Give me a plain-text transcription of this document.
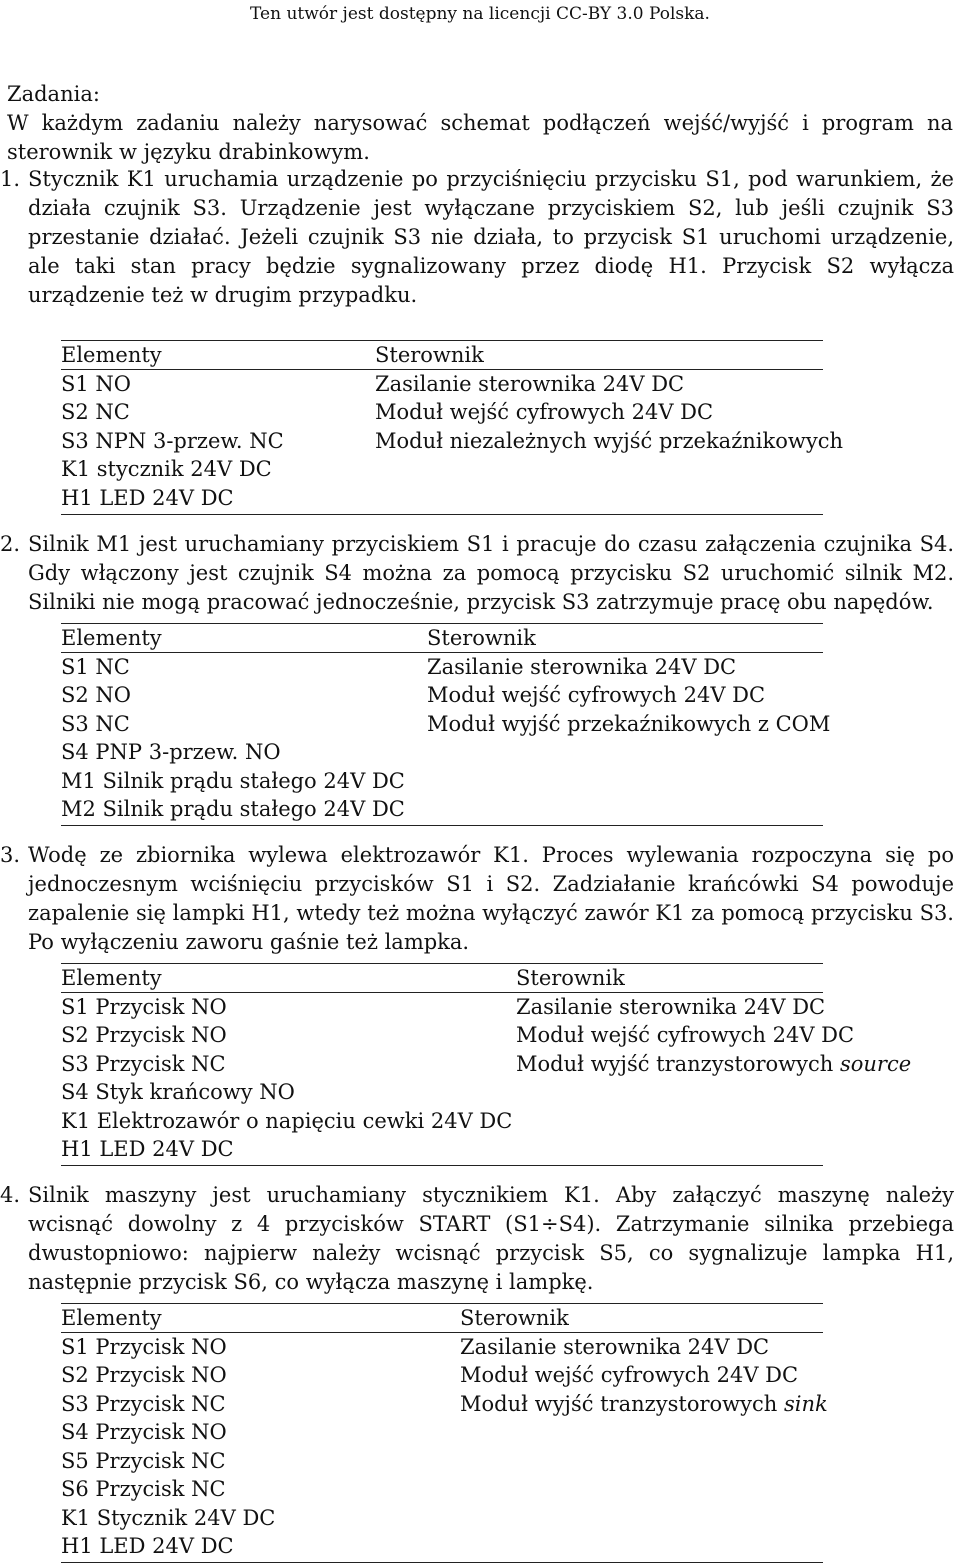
Ten utwór jest dostępny na licencji CC-BY 3.0 Polska.
Zadania:
W każdym zadaniu należy narysować schemat podłączeń wejść/wyjść i program na sterownik w języku drabinkowym.
1. Stycznik K1 uruchamia urządzenie po przyciśnięciu przycisku S1, pod warunkiem, że działa czujnik S3. Urządzenie jest wyłączane przyciskiem S2, lub jeśli czujnik S3 przestanie działać. Jeżeli czujnik S3 nie działa, to przycisk S1 uruchomi urządzenie, ale taki stan pracy będzie sygnalizowany przez diodę H1. Przycisk S2 wyłącza urządzenie też w drugim przypadku.
Elementy
S1 NO
S2 NC
S3 NPN 3-przew. NC
K1 stycznik 24V DC
H1 LED 24V DC
Sterownik
Zasilanie sterownika 24V DC
Moduł wejść cyfrowych 24V DC
Moduł niezależnych wyjść przekaźnikowych
2. Silnik M1 jest uruchamiany przyciskiem S1 i pracuje do czasu załączenia czujnika S4. Gdy włączony jest czujnik S4 można za pomocą przycisku S2 uruchomić silnik M2. Silniki nie mogą pracować jednocześnie, przycisk S3 zatrzymuje pracę obu napędów.
Elementy
S1 NC
S2 NO
S3 NC
S4 PNP 3-przew. NO
M1 Silnik prądu stałego 24V DC
M2 Silnik prądu stałego 24V DC
Sterownik
Zasilanie sterownika 24V DC
Moduł wejść cyfrowych 24V DC
Moduł wyjść przekaźnikowych z COM
3. Wodę ze zbiornika wylewa elektrozawór K1. Proces wylewania rozpoczyna się po jednoczesnym wciśnięciu przycisków S1 i S2. Zadziałanie krańcówki S4 powoduje zapalenie się lampki H1, wtedy też można wyłączyć zawór K1 za pomocą przycisku S3. Po wyłączeniu zaworu gaśnie też lampka.
Elementy
S1 Przycisk NO
S2 Przycisk NO
S3 Przycisk NC
S4 Styk krańcowy NO
K1 Elektrozawór o napięciu cewki 24V DC
H1 LED 24V DC
Sterownik
Zasilanie sterownika 24V DC
Moduł wejść cyfrowych 24V DC
Moduł wyjść tranzystorowych source
4. Silnik maszyny jest uruchamiany stycznikiem K1. Aby załączyć maszynę należy wcisnąć dowolny z 4 przycisków START (S1÷S4). Zatrzymanie silnika przebiega dwustopniowo: najpierw należy wcisnąć przycisk S5, co sygnalizuje lampka H1, następnie przycisk S6, co wyłącza maszynę i lampkę.
Elementy
S1 Przycisk NO
S2 Przycisk NO
S3 Przycisk NC
S4 Przycisk NO
S5 Przycisk NC
S6 Przycisk NC
K1 Stycznik 24V DC
H1 LED 24V DC
Sterownik
Zasilanie sterownika 24V DC
Moduł wejść cyfrowych 24V DC
Moduł wyjść tranzystorowych sink
